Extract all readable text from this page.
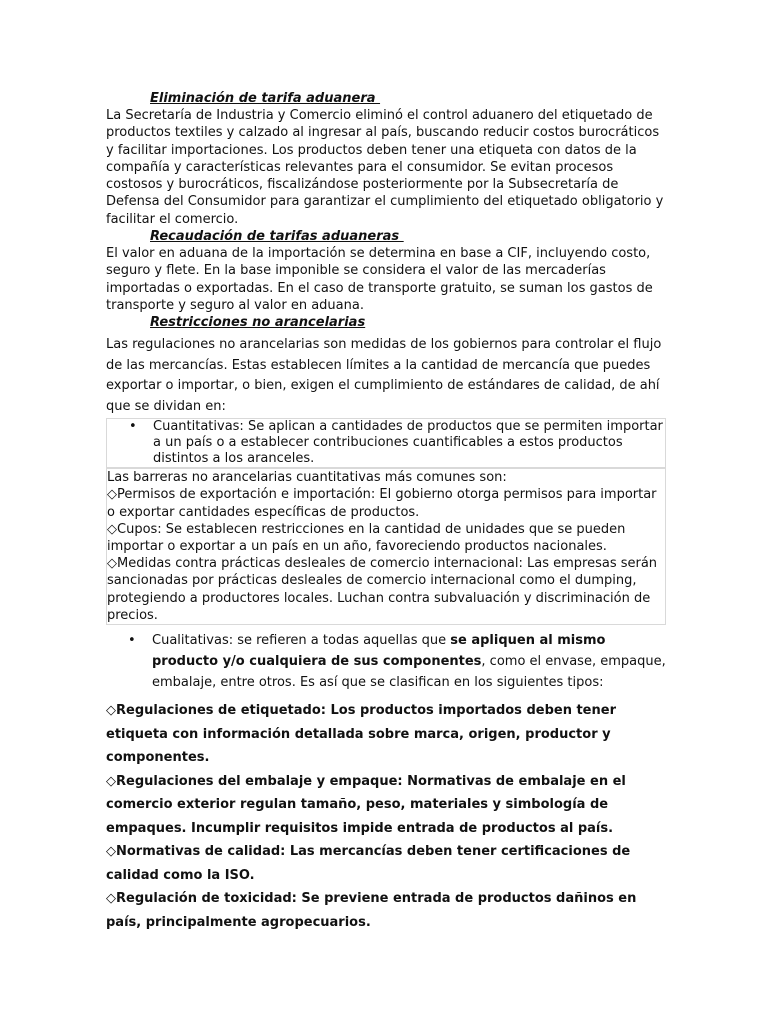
Eliminación de tarifa aduanera

La Secretaría de Industria y Comercio eliminó el control aduanero del etiquetado de productos textiles y calzado al ingresar al país, buscando reducir costos burocráticos y facilitar importaciones. Los productos deben tener una etiqueta con datos de la compañía y características relevantes para el consumidor. Se evitan procesos costosos y burocráticos, fiscalizándose posteriormente por la Subsecretaría de Defensa del Consumidor para garantizar el cumplimiento del etiquetado obligatorio y facilitar el comercio.

Recaudación de tarifas aduaneras

El valor en aduana de la importación se determina en base a CIF, incluyendo costo, seguro y flete. En la base imponible se considera el valor de las mercaderías importadas o exportadas. En el caso de transporte gratuito, se suman los gastos de transporte y seguro al valor en aduana.

Restricciones no arancelarias

Las regulaciones no arancelarias son medidas de los gobiernos para controlar el flujo de las mercancías. Estas establecen límites a la cantidad de mercancía que puedes exportar o importar, o bien, exigen el cumplimiento de estándares de calidad, de ahí que se dividan en:

•	Cuantitativas: Se aplican a cantidades de productos que se permiten importar a un país o a establecer contribuciones cuantificables a estos productos distintos a los aranceles.

Las barreras no arancelarias cuantitativas más comunes son:

◇Permisos de exportación e importación: El gobierno otorga permisos para importar o exportar cantidades específicas de productos.

◇Cupos: Se establecen restricciones en la cantidad de unidades que se pueden importar o exportar a un país en un año, favoreciendo productos nacionales.

◇Medidas contra prácticas desleales de comercio internacional: Las empresas serán sancionadas por prácticas desleales de comercio internacional como el dumping, protegiendo a productores locales. Luchan contra subvaluación y discriminación de precios.

•	Cualitativas: se refieren a todas aquellas que se apliquen al mismo producto y/o cualquiera de sus componentes, como el envase, empaque, embalaje, entre otros. Es así que se clasifican en los siguientes tipos:

◇Regulaciones de etiquetado: Los productos importados deben tener etiqueta con información detallada sobre marca, origen, productor y componentes.

◇Regulaciones del embalaje y empaque: Normativas de embalaje en el comercio exterior regulan tamaño, peso, materiales y simbología de empaques. Incumplir requisitos impide entrada de productos al país.

◇Normativas de calidad: Las mercancías deben tener certificaciones de calidad como la ISO.

◇Regulación de toxicidad: Se previene entrada de productos dañinos en país, principalmente agropecuarios.
